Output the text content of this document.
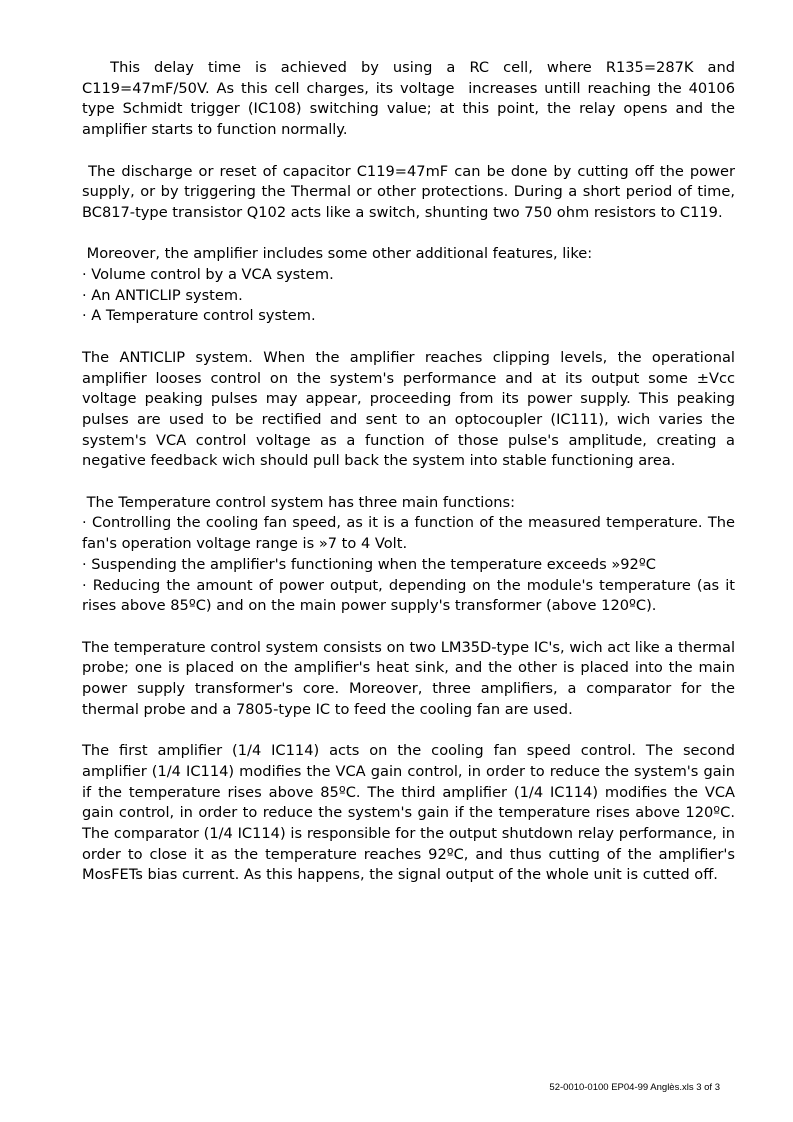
This delay time is achieved by using a RC cell, where R135=287K and C119=47mF/50V. As this cell charges, its voltage  increases untill reaching the 40106 type Schmidt trigger (IC108) switching value; at this point, the relay opens and the amplifier starts to function normally.

The discharge or reset of capacitor C119=47mF can be done by cutting off the power supply, or by triggering the Thermal or other protections. During a short period of time, BC817-type transistor Q102 acts like a switch, shunting two 750 ohm resistors to C119.

Moreover, the amplifier includes some other additional features, like:
· Volume control by a VCA system.
· An ANTICLIP system.
· A Temperature control system.

The ANTICLIP system. When the amplifier reaches clipping levels, the operational amplifier looses control on the system's performance and at its output some ±Vcc voltage peaking pulses may appear, proceeding from its power supply. This peaking pulses are used to be rectified and sent to an optocoupler (IC111), wich varies the system's VCA control voltage as a function of those pulse's amplitude, creating a negative feedback wich should pull back the system into stable functioning area.

The Temperature control system has three main functions:
· Controlling the cooling fan speed, as it is a function of the measured temperature. The fan's operation voltage range is »7 to 4 Volt.
· Suspending the amplifier's functioning when the temperature exceeds »92ºC
· Reducing the amount of power output, depending on the module's temperature (as it rises above 85ºC) and on the main power supply's transformer (above 120ºC).

The temperature control system consists on two LM35D-type IC's, wich act like a thermal probe; one is placed on the amplifier's heat sink, and the other is placed into the main power supply transformer's core. Moreover, three amplifiers, a comparator for the thermal probe and a 7805-type IC to feed the cooling fan are used.

The first amplifier (1/4 IC114) acts on the cooling fan speed control. The second amplifier (1/4 IC114) modifies the VCA gain control, in order to reduce the system's gain if the temperature rises above 85ºC. The third amplifier (1/4 IC114) modifies the VCA gain control, in order to reduce the system's gain if the temperature rises above 120ºC. The comparator (1/4 IC114) is responsible for the output shutdown relay performance, in order to close it as the temperature reaches 92ºC, and thus cutting of the amplifier's MosFETs bias current. As this happens, the signal output of the whole unit is cutted off.

52-0010-0100 EP04-99 Anglès.xls 3 of 3
